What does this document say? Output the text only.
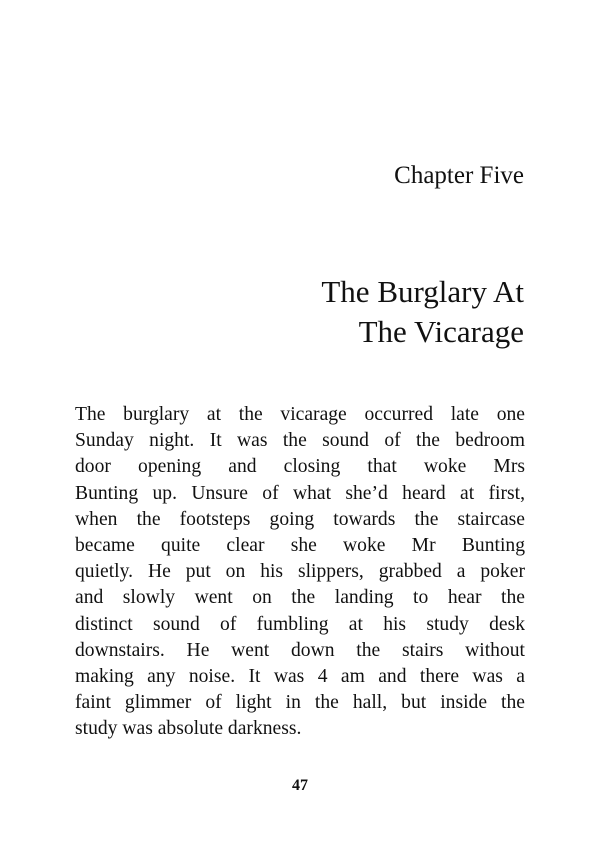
Chapter Five
The Burglary At
The Vicarage
The burglary at the vicarage occurred late one
Sunday night. It was the sound of the bedroom
door opening and closing that woke Mrs
Bunting up. Unsure of what she’d heard at first,
when the footsteps going towards the staircase
became quite clear she woke Mr Bunting
quietly. He put on his slippers, grabbed a poker
and slowly went on the landing to hear the
distinct sound of fumbling at his study desk
downstairs. He went down the stairs without
making any noise. It was 4 am and there was a
faint glimmer of light in the hall, but inside the
study was absolute darkness.
47
